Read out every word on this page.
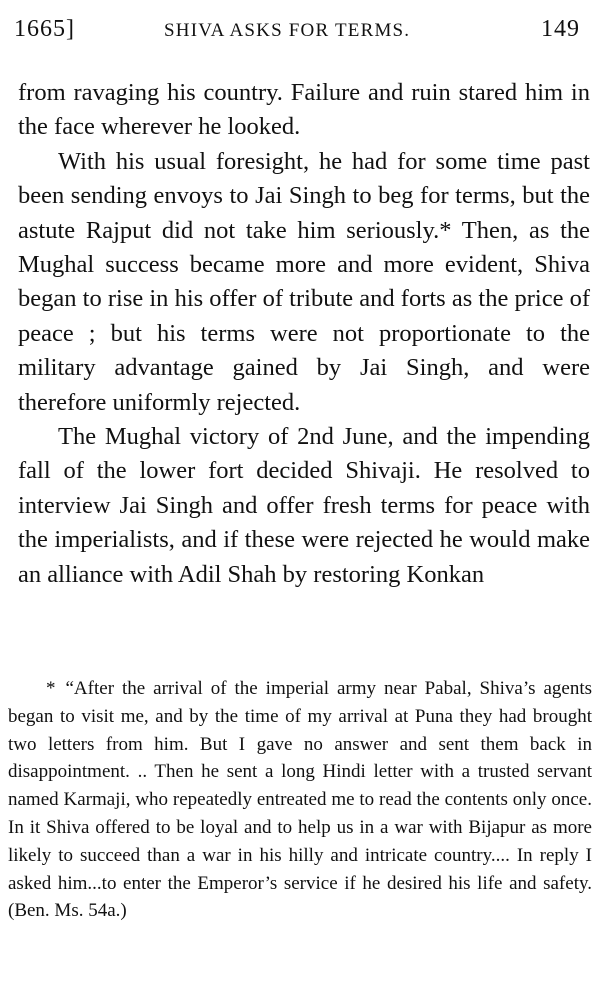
1665]	SHIVA ASKS FOR TERMS.	149

from ravaging his country. Failure and ruin stared him in the face wherever he looked.

With his usual foresight, he had for some time past been sending envoys to Jai Singh to beg for terms, but the astute Rajput did not take him seriously.* Then, as the Mughal success became more and more evident, Shiva began to rise in his offer of tribute and forts as the price of peace ; but his terms were not proportionate to the military advantage gained by Jai Singh, and were therefore uniformly rejected.

The Mughal victory of 2nd June, and the impending fall of the lower fort decided Shivaji. He resolved to interview Jai Singh and offer fresh terms for peace with the imperialists, and if these were rejected he would make an alliance with Adil Shah by restoring Konkan

* “After the arrival of the imperial army near Pabal, Shiva’s agents began to visit me, and by the time of my arrival at Puna they had brought two letters from him. But I gave no answer and sent them back in disappointment. .. Then he sent a long Hindi letter with a trusted servant named Karmaji, who repeatedly entreated me to read the contents only once. In it Shiva offered to be loyal and to help us in a war with Bijapur as more likely to succeed than a war in his hilly and intricate country.... In reply I asked him...to enter the Emperor’s service if he desired his life and safety. (Ben. Ms. 54a.)
